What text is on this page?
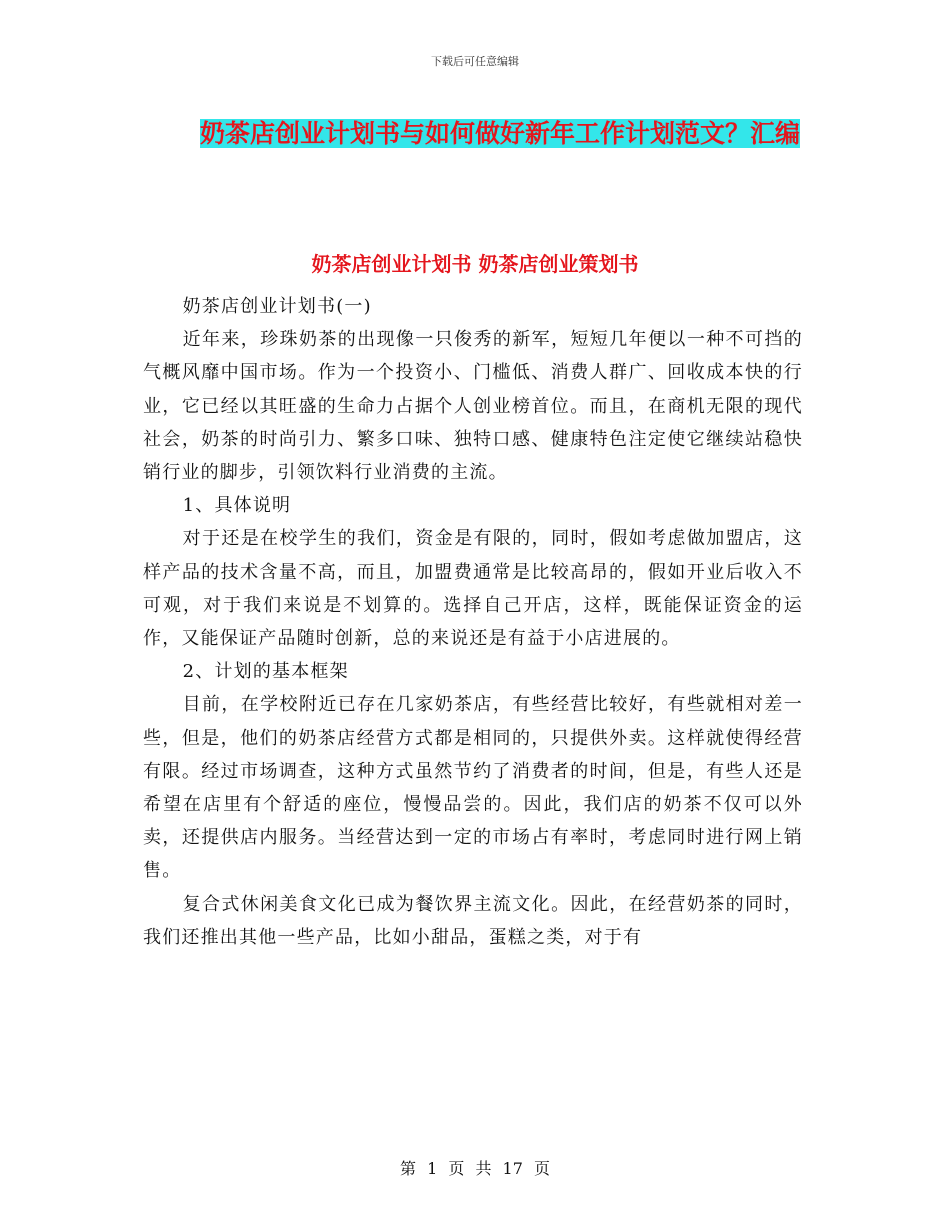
下载后可任意编辑
奶茶店创业计划书与如何做好新年工作计划范文？汇编
奶茶店创业计划书 奶茶店创业策划书

奶茶店创业计划书(一)

近年来，珍珠奶茶的出现像一只俊秀的新军，短短几年便以一种不可挡的气概风靡中国市场。作为一个投资小、门槛低、消费人群广、回收成本快的行业，它已经以其旺盛的生命力占据个人创业榜首位。而且，在商机无限的现代社会，奶茶的时尚引力、繁多口味、独特口感、健康特色注定使它继续站稳快销行业的脚步，引领饮料行业消费的主流。

1、具体说明

对于还是在校学生的我们，资金是有限的，同时，假如考虑做加盟店，这样产品的技术含量不高，而且，加盟费通常是比较高昂的，假如开业后收入不可观，对于我们来说是不划算的。选择自己开店，这样，既能保证资金的运作，又能保证产品随时创新，总的来说还是有益于小店进展的。

2、计划的基本框架

目前，在学校附近已存在几家奶茶店，有些经营比较好，有些就相对差一些，但是，他们的奶茶店经营方式都是相同的，只提供外卖。这样就使得经营有限。经过市场调查，这种方式虽然节约了消费者的时间，但是，有些人还是希望在店里有个舒适的座位，慢慢品尝的。因此，我们店的奶茶不仅可以外卖，还提供店内服务。当经营达到一定的市场占有率时，考虑同时进行网上销售。

复合式休闲美食文化已成为餐饮界主流文化。因此，在经营奶茶的同时，我们还推出其他一些产品，比如小甜品，蛋糕之类，对于有

第 1 页 共 17 页
